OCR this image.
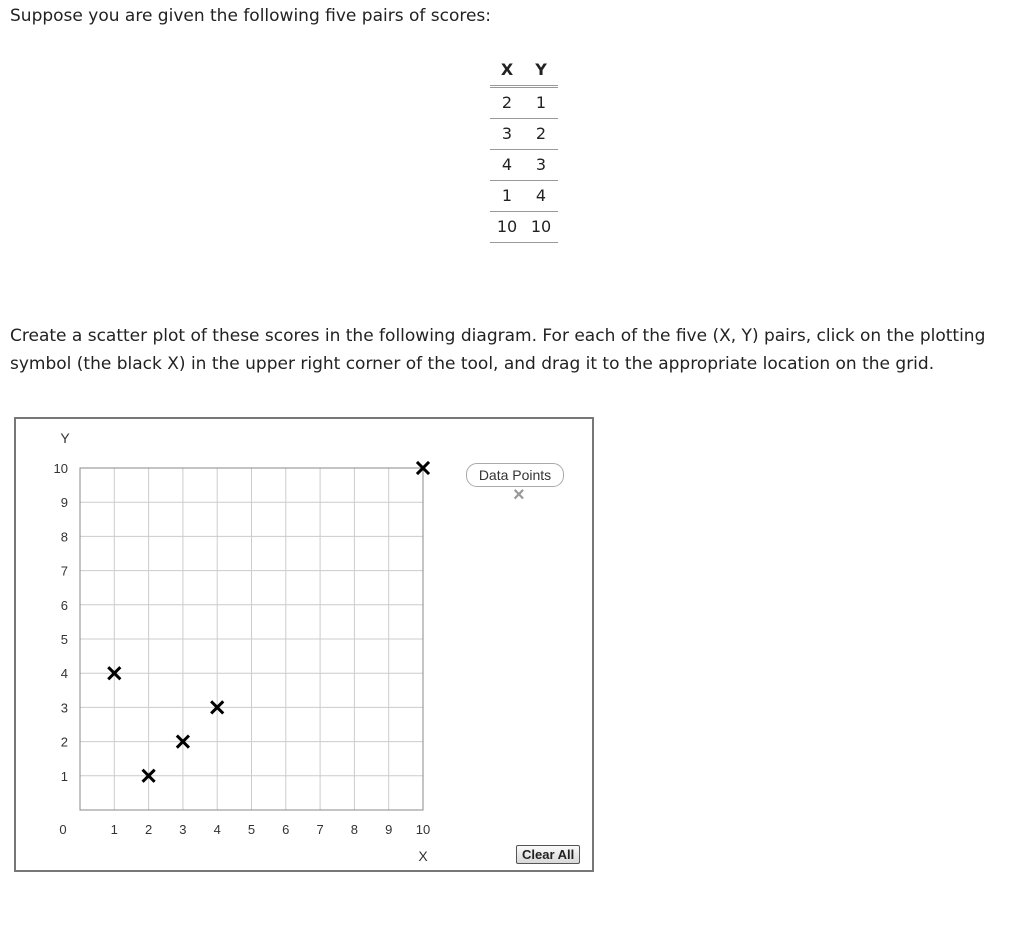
Suppose you are given the following five pairs of scores:

X	Y
2	1
3	2
4	3
1	4
10	10

Create a scatter plot of these scores in the following diagram. For each of the five (X, Y) pairs, click on the plotting symbol (the black X) in the upper right corner of the tool, and drag it to the appropriate location on the grid.

1
2
3
4
5
6
7
8
9
10
0	1 2 3 4 5 6 7 8 9 10
Y
X
Data Points
×
Clear All
